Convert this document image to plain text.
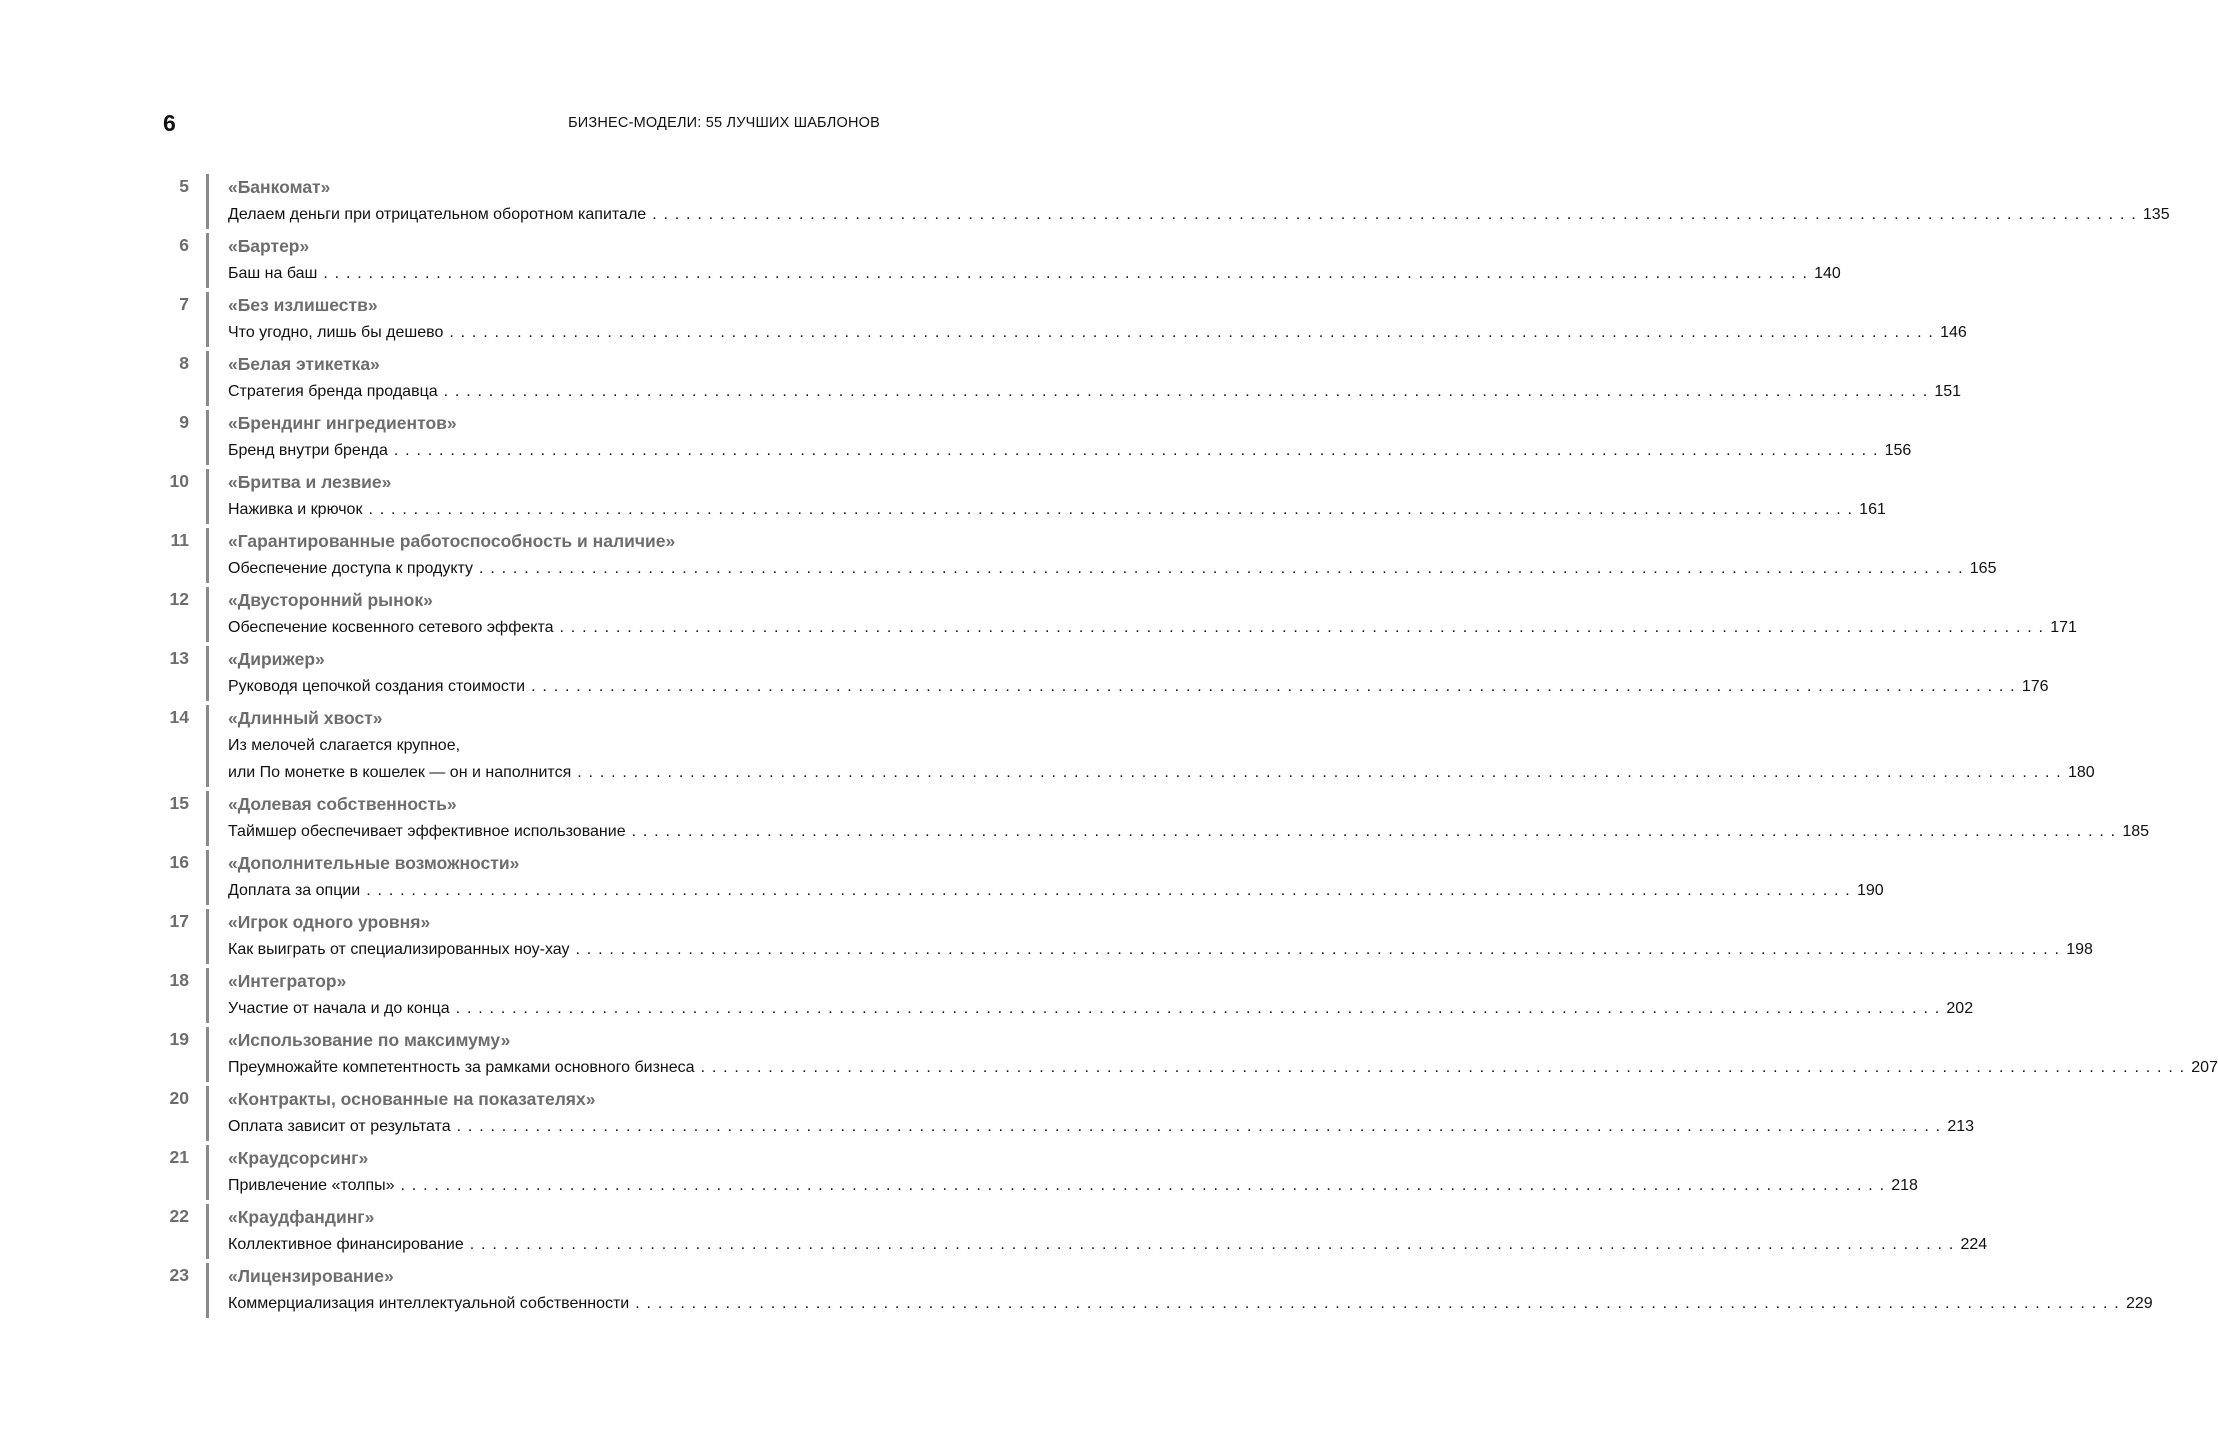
6	БИЗНЕС-МОДЕЛИ: 55 ЛУЧШИХ ШАБЛОНОВ
5 «Банкомат»
Делаем деньги при отрицательном оборотном капитале . . .	135
6 «Бартер»
Баш на баш . . .	140
7 «Без излишеств»
Что угодно, лишь бы дешево . . .	146
8 «Белая этикетка»
Стратегия бренда продавца . . .	151
9 «Брендинг ингредиентов»
Бренд внутри бренда . . .	156
10 «Бритва и лезвие»
Наживка и крючок . . .	161
11 «Гарантированные работоспособность и наличие»
Обеспечение доступа к продукту . . .	165
12 «Двусторонний рынок»
Обеспечение косвенного сетевого эффекта . . .	171
13 «Дирижер»
Руководя цепочкой создания стоимости . . .	176
14 «Длинный хвост»
Из мелочей слагается крупное,
или По монетке в кошелек — он и наполнится . . .	180
15 «Долевая собственность»
Таймшер обеспечивает эффективное использование . . .	185
16 «Дополнительные возможности»
Доплата за опции . . .	190
17 «Игрок одного уровня»
Как выиграть от специализированных ноу-хау . . .	198
18 «Интегратор»
Участие от начала и до конца . . .	202
19 «Использование по максимуму»
Преумножайте компетентность за рамками основного бизнеса . . .	207
20 «Контракты, основанные на показателях»
Оплата зависит от результата . . .	213
21 «Краудсорсинг»
Привлечение «толпы» . . .	218
22 «Краудфандинг»
Коллективное финансирование . . .	224
23 «Лицензирование»
Коммерциализация интеллектуальной собственности . . .	229
